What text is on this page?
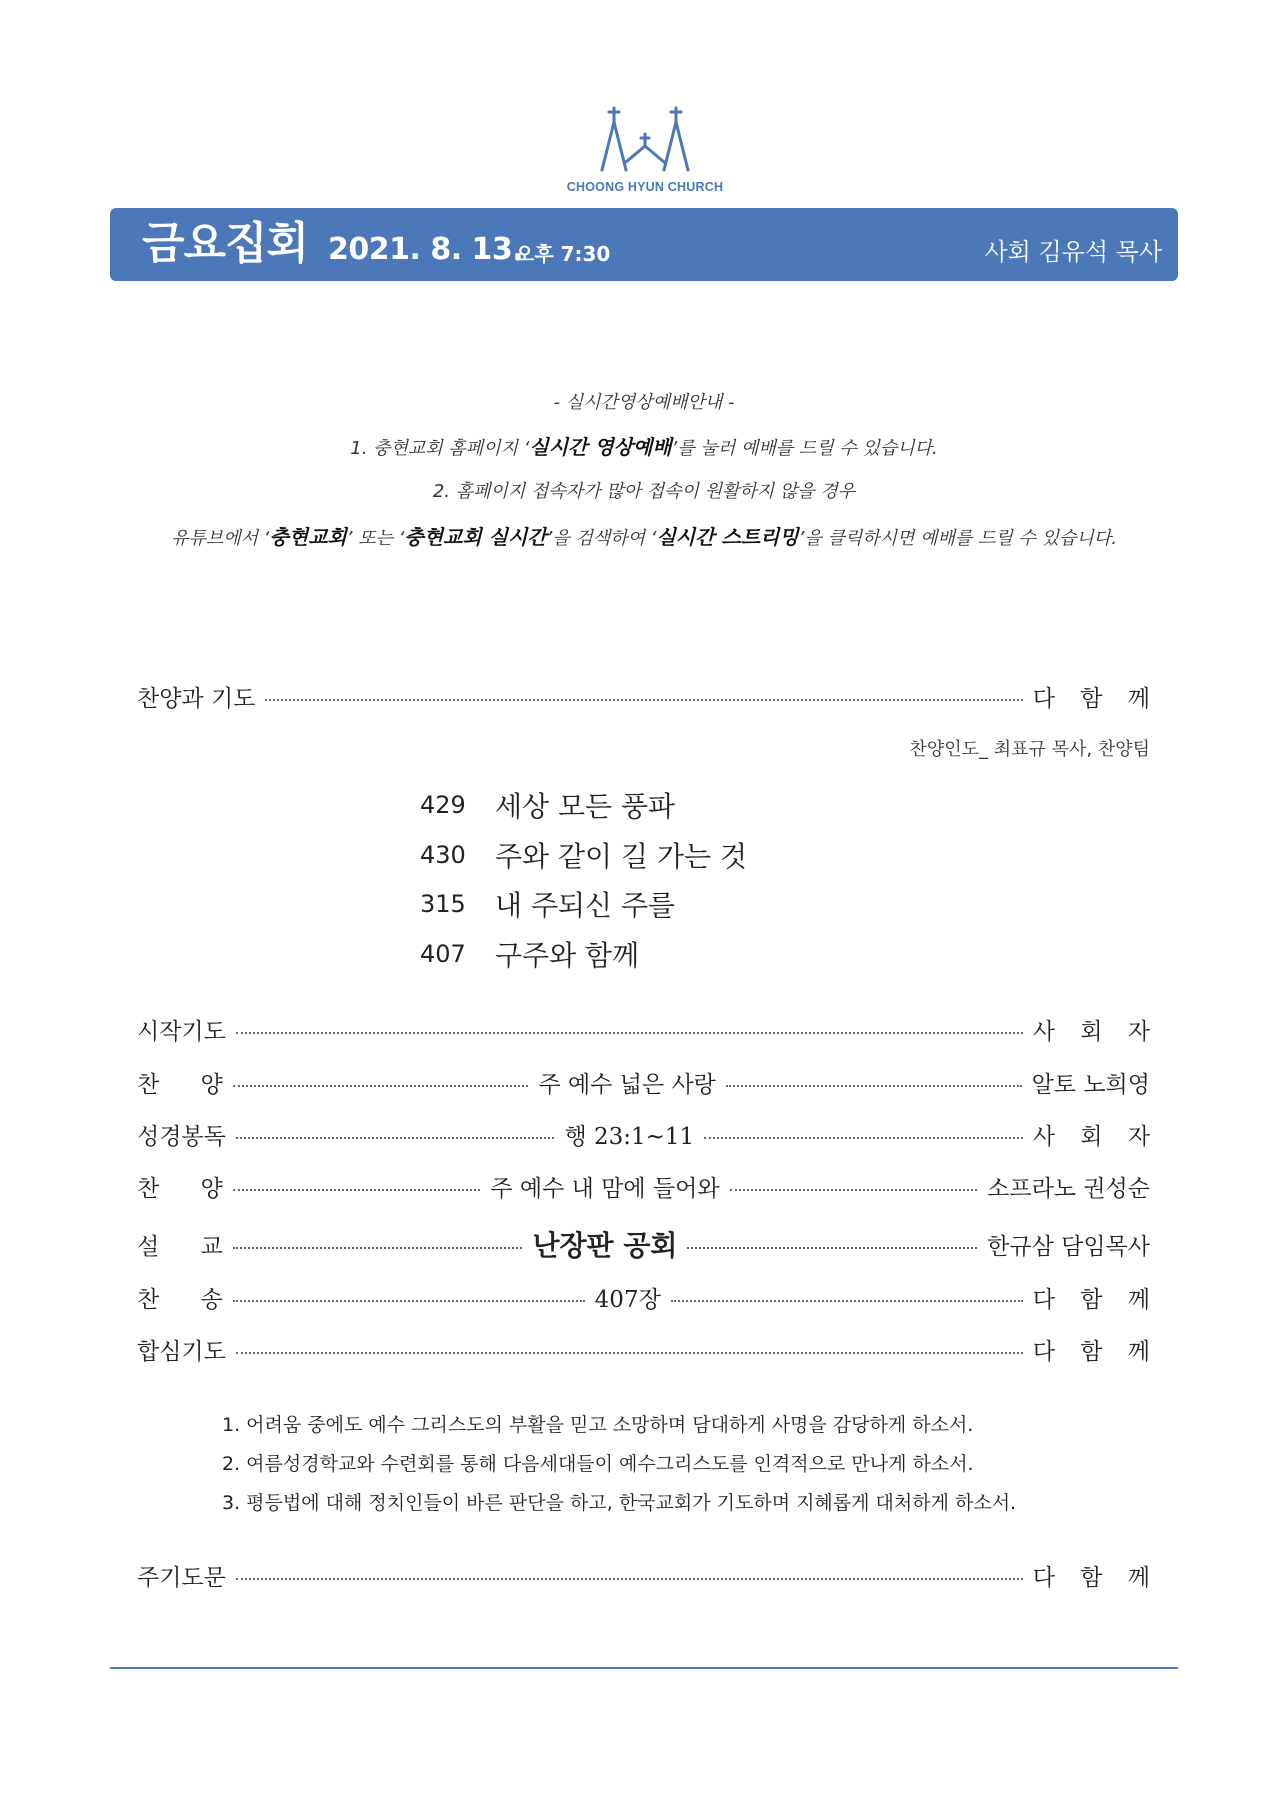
CHOONG HYUN CHURCH
금요집회 2021. 8. 13.
오후 7:30	사회 김유석 목사
- 실시간영상예배안내 -
1. 충현교회 홈페이지 ‘실시간 영상예배’를 눌러 예배를 드릴 수 있습니다.
2. 홈페이지 접속자가 많아 접속이 원활하지 않을 경우
유튜브에서 ‘충현교회’ 또는 ‘충현교회 실시간’을 검색하여 ‘실시간 스트리밍’을 클릭하시면 예배를 드릴 수 있습니다.
찬양과 기도	다 함 께
찬양인도_ 최표규 목사, 찬양팀
429	세상 모든 풍파
430	주와 같이 길 가는 것
315	내 주되신 주를
407	구주와 함께
시작기도	사 회 자
찬 양	주 예수 넓은 사랑	알토 노희영
성경봉독	행 23:1~11	사 회 자
찬 양	주 예수 내 맘에 들어와	소프라노 권성순
설 교	난장판 공회	한규삼 담임목사
찬 송	407장	다 함 께
합심기도	다 함 께
1. 어려움 중에도 예수 그리스도의 부활을 믿고 소망하며 담대하게 사명을 감당하게 하소서.
2. 여름성경학교와 수련회를 통해 다음세대들이 예수그리스도를 인격적으로 만나게 하소서.
3. 평등법에 대해 정치인들이 바른 판단을 하고, 한국교회가 기도하며 지혜롭게 대처하게 하소서.
주기도문	다 함 께
